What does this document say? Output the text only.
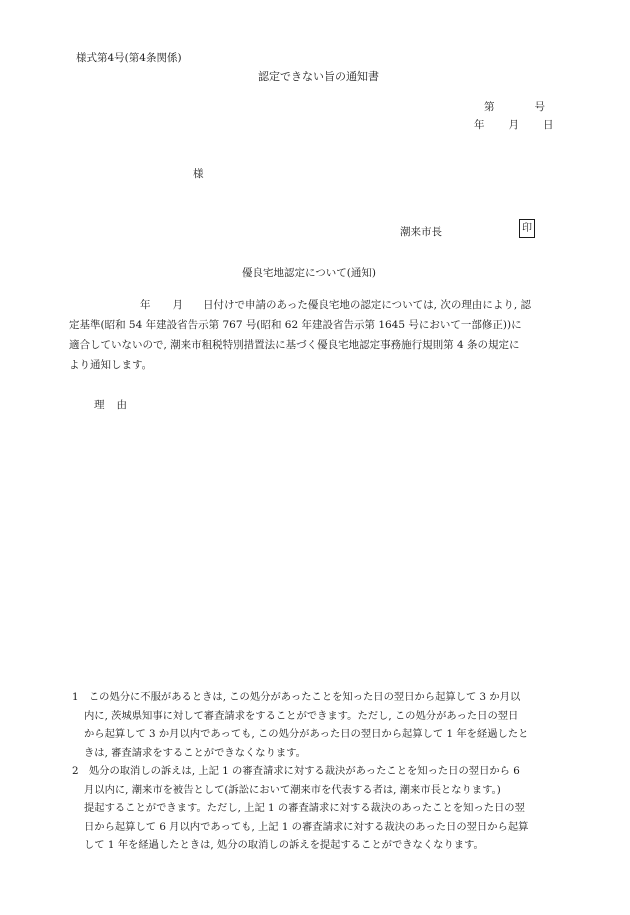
様式第4号(第4条関係)
認定できない旨の通知書
第	号
年 月 日
様
潮来市長	印
優良宅地認定について(通知)
年 月 日付けで申請のあった優良宅地の認定については, 次の理由により, 認
定基準(昭和 54 年建設省告示第 767 号(昭和 62 年建設省告示第 1645 号において一部修正))に
適合していないので, 潮来市租税特別措置法に基づく優良宅地認定事務施行規則第 4 条の規定に
より通知します。
理 由
1　この処分に不服があるときは, この処分があったことを知った日の翌日から起算して 3 か月以
内に, 茨城県知事に対して審査請求をすることができます。ただし, この処分があった日の翌日
から起算して 3 か月以内であっても, この処分があった日の翌日から起算して 1 年を経過したと
きは, 審査請求をすることができなくなります。
2　処分の取消しの訴えは, 上記 1 の審査請求に対する裁決があったことを知った日の翌日から 6
月以内に, 潮来市を被告として(訴訟において潮来市を代表する者は, 潮来市長となります。)
提起することができます。ただし, 上記 1 の審査請求に対する裁決のあったことを知った日の翌
日から起算して 6 月以内であっても, 上記 1 の審査請求に対する裁決のあった日の翌日から起算
して 1 年を経過したときは, 処分の取消しの訴えを提起することができなくなります。
